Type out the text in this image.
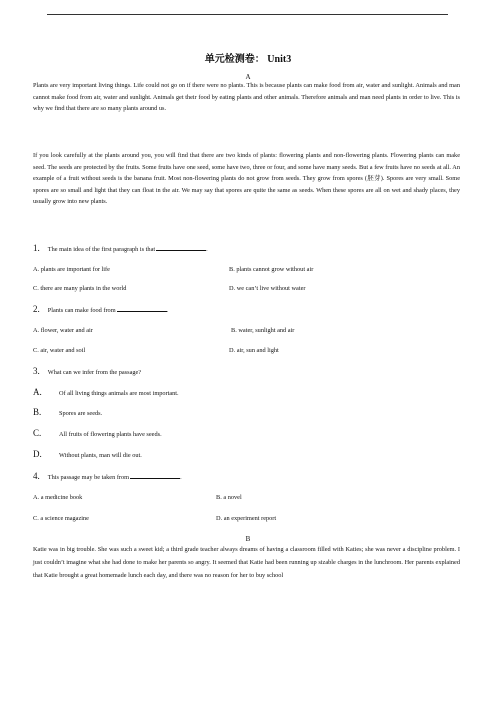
单元检测卷： Unit3
A
Plants are very important living things. Life could not go on if there were no plants. This is because plants can make food from air, water and sunlight. Animals and man cannot make food from air, water and sunlight. Animals get their food by eating plants and other animals. Therefore animals and man need plants in order to live. This is why we find that there are so many plants around us.
If you look carefully at the plants around you, you will find that there are two kinds of plants: flowering plants and non-flowering plants. Flowering plants can make seed. The seeds are protected by the fruits. Some fruits have one seed, some have two, three or four, and some have many seeds. But a few fruits have no seeds at all. An example of a fruit without seeds is the banana fruit. Most non-flowering plants do not grow from seeds. They grow from spores (胚芽). Spores are very small. Some spores are so small and light that they can float in the air. We may say that spores are quite the same as seeds. When these spores are all on wet and shady places, they usually grow into new plants.
1. The main idea of the first paragraph is that	.
A. plants are important for life	B. plants cannot grow without air
C. there are many plants in the world	D. we can’t live without water
2. Plants can make food from	.
A. flower, water and air	B. water, sunlight and air
C. air, water and soil	D. air, sun and light
3. What can we infer from the passage?
A.	Of all living things animals are most important.
B.	Spores are seeds.
C.	All fruits of flowering plants have seeds.
D.	Without plants, man will die out.
4. This passage may be taken from	.
A. a medicine book	B. a novel
C. a science magazine	D. an experiment report
B
Katie was in big trouble. She was such a sweet kid; a third grade teacher always dreams of having a classroom filled with Katies; she was never a discipline problem. I just couldn’t imagine what she had done to make her parents so angry. It seemed that Katie had been running up sizable charges in the lunchroom. Her parents explained that Katie brought a great homemade lunch each day, and there was no reason for her to buy school
